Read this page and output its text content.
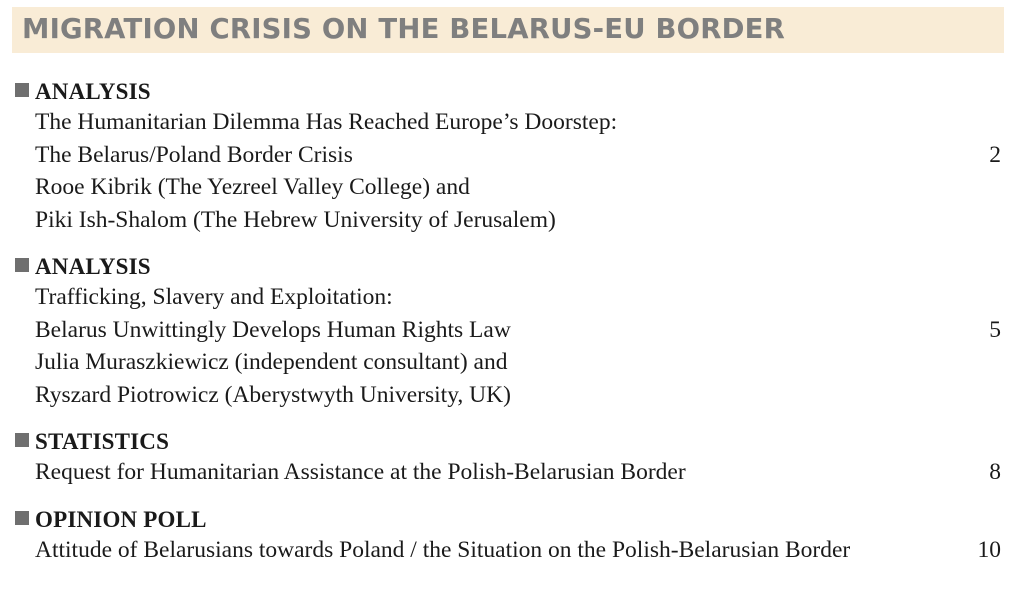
MIGRATION CRISIS ON THE BELARUS-EU BORDER
ANALYSIS
The Humanitarian Dilemma Has Reached Europe’s Doorstep:
The Belarus/Poland Border Crisis	2
Rooe Kibrik (The Yezreel Valley College) and
Piki Ish-Shalom (The Hebrew University of Jerusalem)
ANALYSIS
Trafficking, Slavery and Exploitation:
Belarus Unwittingly Develops Human Rights Law	5
Julia Muraszkiewicz (independent consultant) and
Ryszard Piotrowicz (Aberystwyth University, UK)
STATISTICS
Request for Humanitarian Assistance at the Polish-Belarusian Border	8
OPINION POLL
Attitude of Belarusians towards Poland / the Situation on the Polish-Belarusian Border	10
